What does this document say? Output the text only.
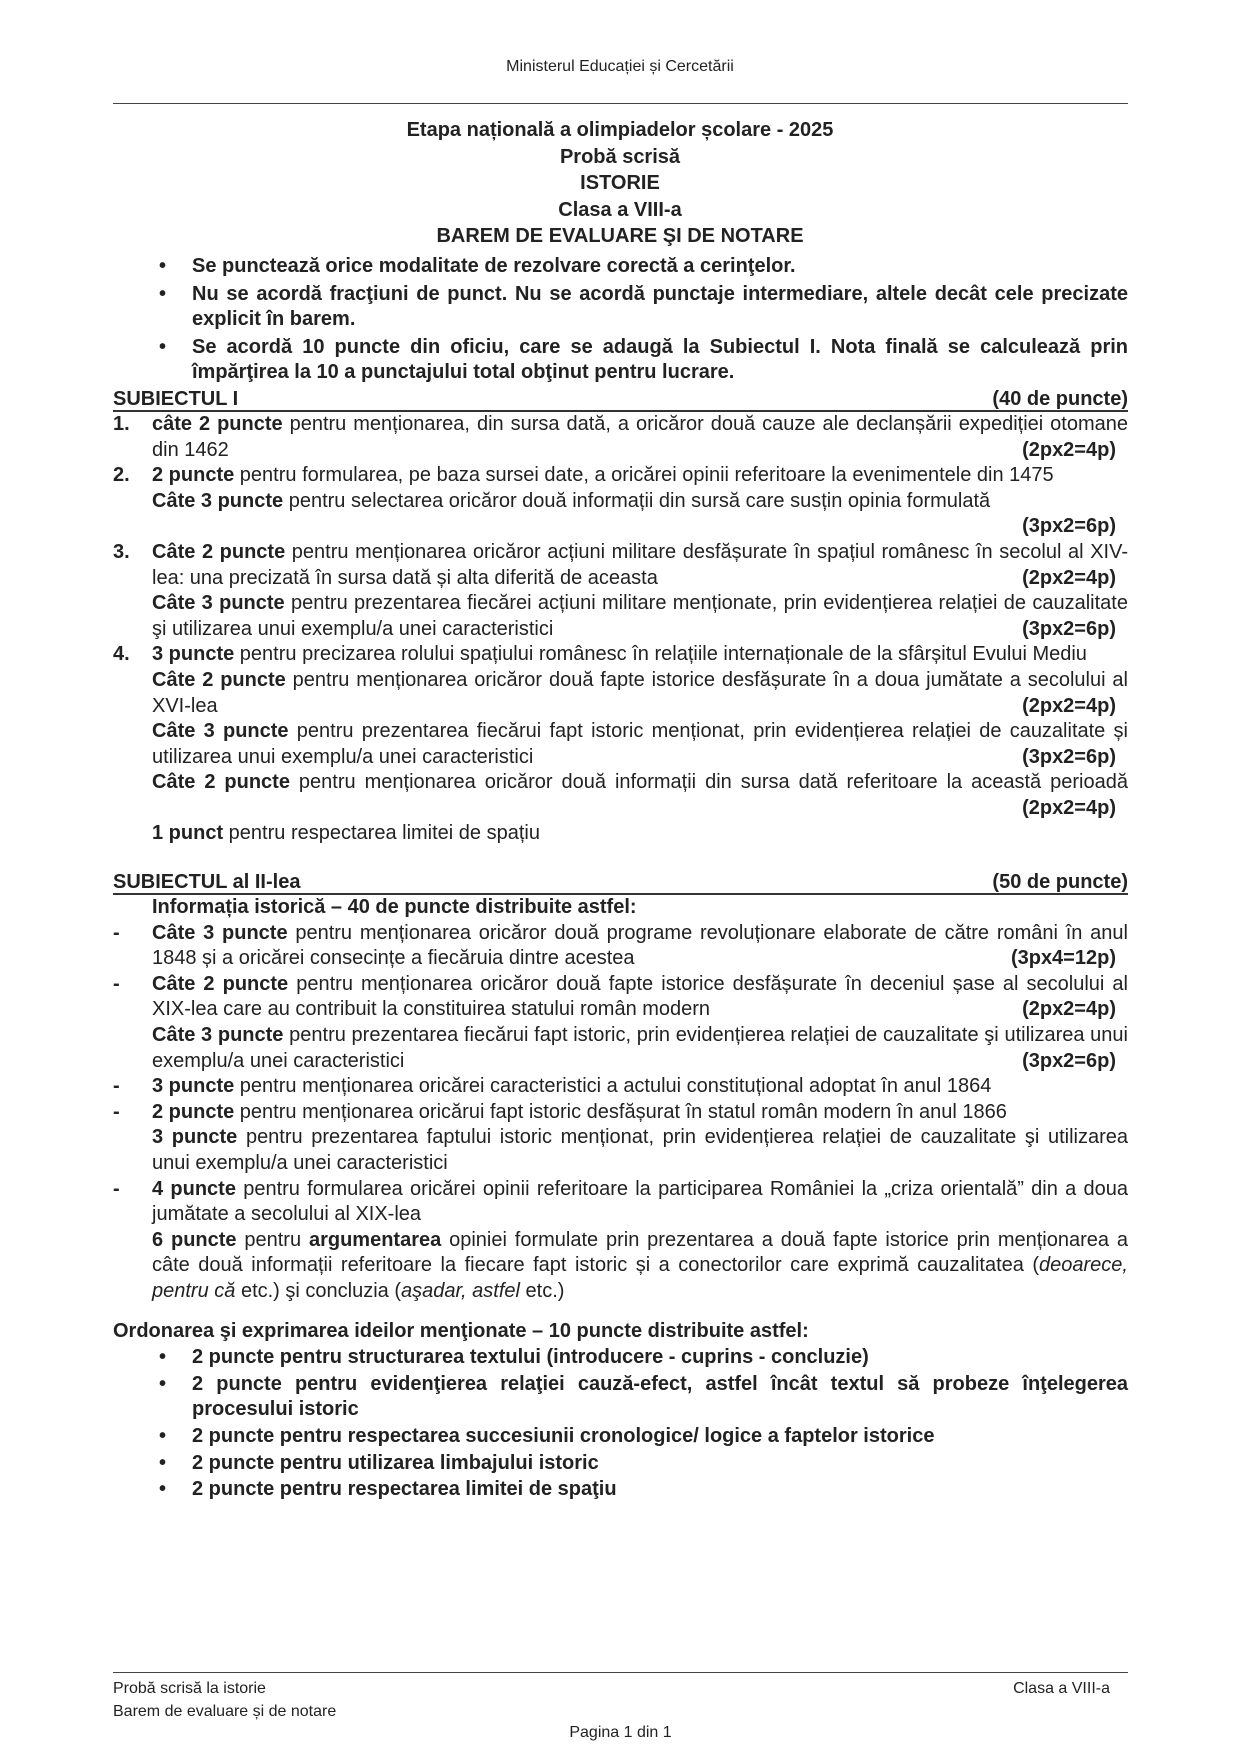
Ministerul Educației și Cercetării
Etapa națională a olimpiadelor școlare - 2025
Probă scrisă
ISTORIE
Clasa a VIII-a
BAREM DE EVALUARE ŞI DE NOTARE
• Se punctează orice modalitate de rezolvare corectă a cerinţelor.
• Nu se acordă fracţiuni de punct. Nu se acordă punctaje intermediare, altele decât cele precizate explicit în barem.
• Se acordă 10 puncte din oficiu, care se adaugă la Subiectul I. Nota finală se calculează prin împărţirea la 10 a punctajului total obţinut pentru lucrare.
SUBIECTUL I	(40 de puncte)
1. câte 2 puncte pentru menționarea, din sursa dată, a oricăror două cauze ale declanșării expediției otomane din 1462	(2px2=4p)
2. 2 puncte pentru formularea, pe baza sursei date, a oricărei opinii referitoare la evenimentele din 1475
Câte 3 puncte pentru selectarea oricăror două informații din sursă care susțin opinia formulată
(3px2=6p)
3. Câte 2 puncte pentru menționarea oricăror acțiuni militare desfășurate în spațiul românesc în secolul al XIV-lea: una precizată în sursa dată și alta diferită de aceasta	(2px2=4p)
Câte 3 puncte pentru prezentarea fiecărei acțiuni militare menționate, prin evidențierea relației de cauzalitate şi utilizarea unui exemplu/a unei caracteristici	(3px2=6p)
4. 3 puncte pentru precizarea rolului spațiului românesc în relațiile internaționale de la sfârșitul Evului Mediu
Câte 2 puncte pentru menționarea oricăror două fapte istorice desfășurate în a doua jumătate a secolului al XVI-lea	(2px2=4p)
Câte 3 puncte pentru prezentarea fiecărui fapt istoric menționat, prin evidențierea relației de cauzalitate și utilizarea unui exemplu/a unei caracteristici	(3px2=6p)
Câte 2 puncte pentru menționarea oricăror două informații din sursa dată referitoare la această perioadă
(2px2=4p)
1 punct pentru respectarea limitei de spațiu
SUBIECTUL al II-lea	(50 de puncte)
Informația istorică – 40 de puncte distribuite astfel:
- Câte 3 puncte pentru menționarea oricăror două programe revoluționare elaborate de către români în anul 1848 și a oricărei consecințe a fiecăruia dintre acestea	(3px4=12p)
- Câte 2 puncte pentru menționarea oricăror două fapte istorice desfășurate în deceniul șase al secolului al XIX-lea care au contribuit la constituirea statului român modern	(2px2=4p)
Câte 3 puncte pentru prezentarea fiecărui fapt istoric, prin evidențierea relației de cauzalitate şi utilizarea unui exemplu/a unei caracteristici	(3px2=6p)
- 3 puncte pentru menționarea oricărei caracteristici a actului constituțional adoptat în anul 1864
- 2 puncte pentru menționarea oricărui fapt istoric desfășurat în statul român modern în anul 1866
3 puncte pentru prezentarea faptului istoric menționat, prin evidențierea relației de cauzalitate şi utilizarea unui exemplu/a unei caracteristici
- 4 puncte pentru formularea oricărei opinii referitoare la participarea României la „criza orientală” din a doua jumătate a secolului al XIX-lea
6 puncte pentru argumentarea opiniei formulate prin prezentarea a două fapte istorice prin menționarea a câte două informații referitoare la fiecare fapt istoric și a conectorilor care exprimă cauzalitatea (deoarece, pentru că etc.) şi concluzia (aşadar, astfel etc.)
Ordonarea şi exprimarea ideilor menţionate – 10 puncte distribuite astfel:
• 2 puncte pentru structurarea textului (introducere - cuprins - concluzie)
• 2 puncte pentru evidenţierea relaţiei cauză-efect, astfel încât textul să probeze înţelegerea procesului istoric
• 2 puncte pentru respectarea succesiunii cronologice/ logice a faptelor istorice
• 2 puncte pentru utilizarea limbajului istoric
• 2 puncte pentru respectarea limitei de spaţiu
Probă scrisă la istorie
Barem de evaluare și de notare
Clasa a VIII-a
Pagina 1 din 1
